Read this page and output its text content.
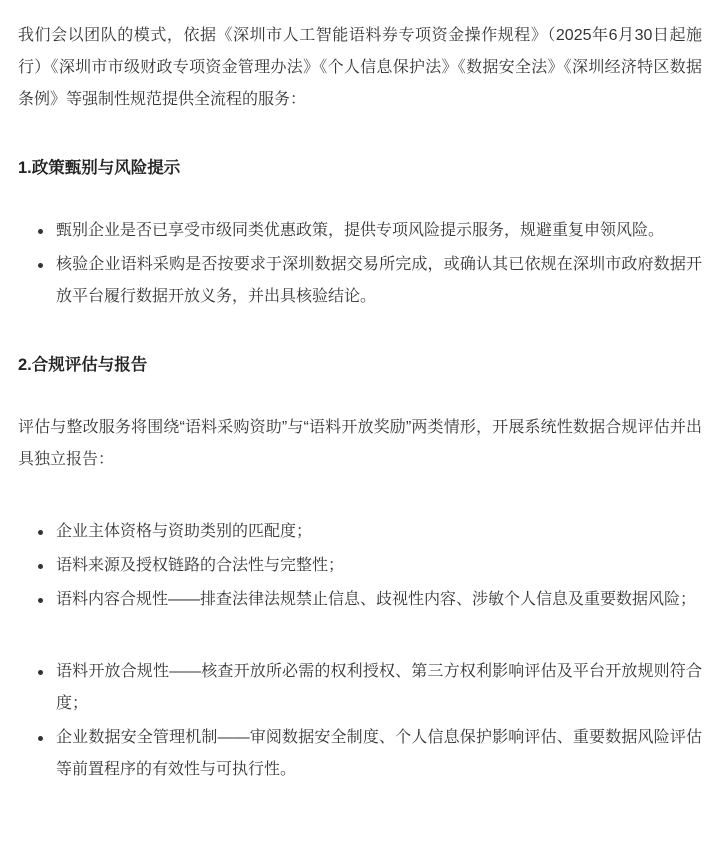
我们会以团队的模式，依据《深圳市人工智能语料券专项资金操作规程》（2025年6月30日起施行）《深圳市市级财政专项资金管理办法》《个人信息保护法》《数据安全法》《深圳经济特区数据条例》等强制性规范提供全流程的服务：

1.政策甄别与风险提示
甄别企业是否已享受市级同类优惠政策，提供专项风险提示服务，规避重复申领风险。
核验企业语料采购是否按要求于深圳数据交易所完成，或确认其已依规在深圳市政府数据开放平台履行数据开放义务，并出具核验结论。
2.合规评估与报告

评估与整改服务将围绕“语料采购资助”与“语料开放奖励”两类情形，开展系统性数据合规评估并出具独立报告：

企业主体资格与资助类别的匹配度；
语料来源及授权链路的合法性与完整性；
语料内容合规性——排查法律法规禁止信息、歧视性内容、涉敏个人信息及重要数据风险；
语料开放合规性——核查开放所必需的权利授权、第三方权利影响评估及平台开放规则符合度；
企业数据安全管理机制——审阅数据安全制度、个人信息保护影响评估、重要数据风险评估等前置程序的有效性与可执行性。
